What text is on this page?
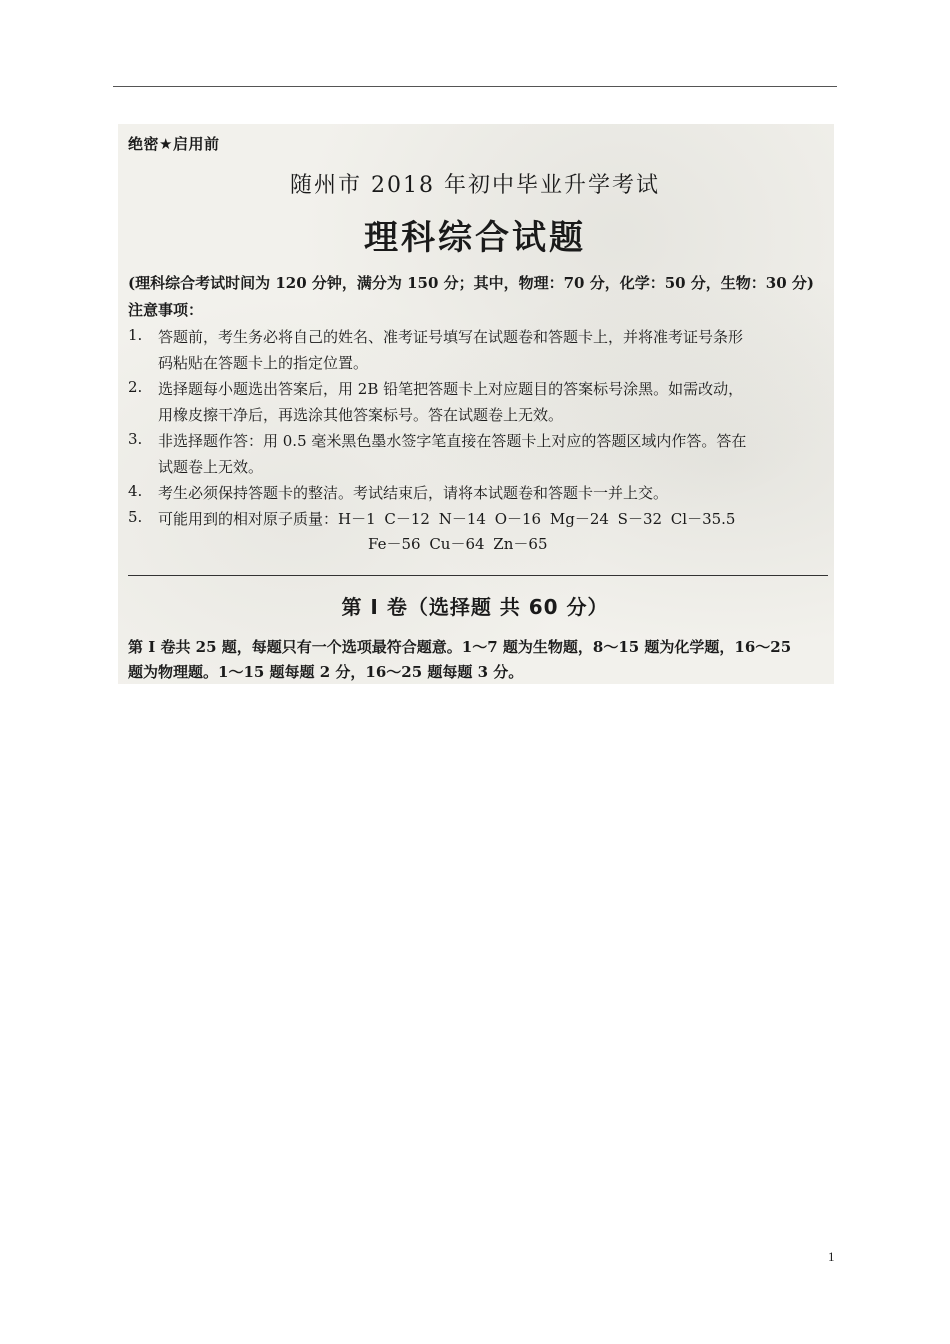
绝密★启用前
随州市 2018 年初中毕业升学考试
理科综合试题
(理科综合考试时间为 120 分钟，满分为 150 分；其中，物理：70 分，化学：50 分，生物：30 分)
注意事项：
1. 答题前，考生务必将自己的姓名、准考证号填写在试题卷和答题卡上，并将准考证号条形
码粘贴在答题卡上的指定位置。
2. 选择题每小题选出答案后，用 2B 铅笔把答题卡上对应题目的答案标号涂黑。如需改动，
用橡皮擦干净后，再选涂其他答案标号。答在试题卷上无效。
3. 非选择题作答：用 0.5 毫米黑色墨水签字笔直接在答题卡上对应的答题区域内作答。答在
试题卷上无效。
4. 考生必须保持答题卡的整洁。考试结束后，请将本试题卷和答题卡一并上交。
5. 可能用到的相对原子质量：H－1 C－12 N－14 O－16 Mg－24 S－32 Cl－35.5
Fe－56 Cu－64 Zn－65
第 I 卷（选择题 共 60 分）
第 I 卷共 25 题，每题只有一个选项最符合题意。1～7 题为生物题，8～15 题为化学题，16～25
题为物理题。1～15 题每题 2 分，16～25 题每题 3 分。
1
